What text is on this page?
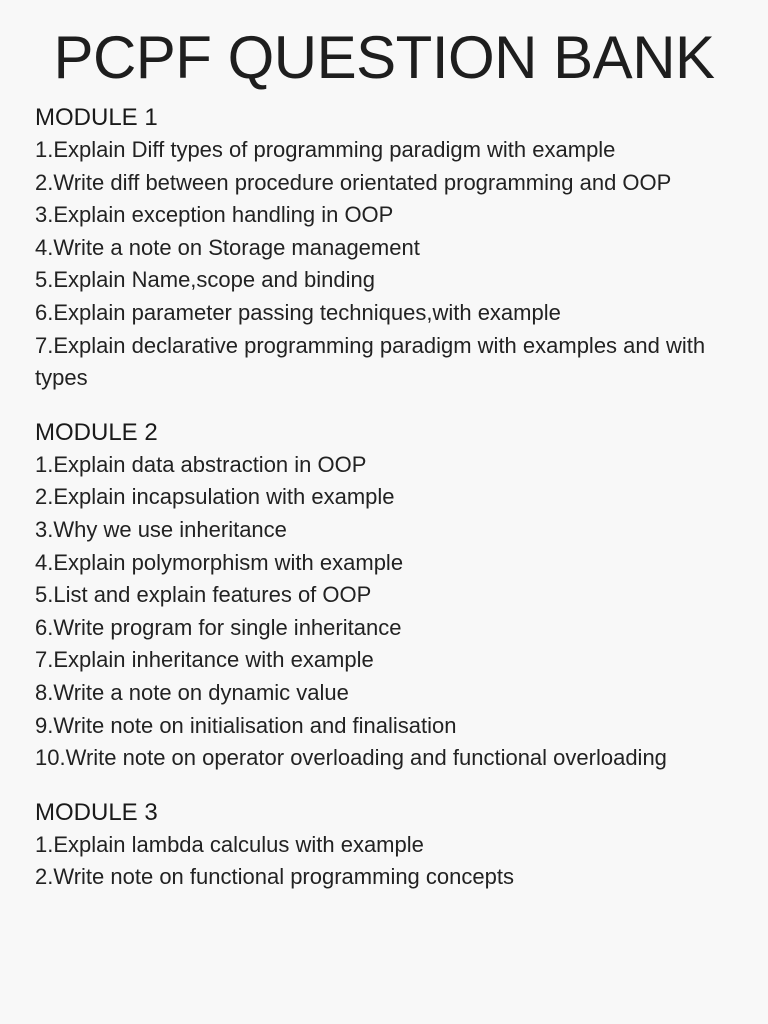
PCPF QUESTION BANK
MODULE 1
1.Explain Diff types of programming paradigm with example
2.Write diff between procedure orientated programming and OOP
3.Explain exception handling in OOP
4.Write a note on Storage management
5.Explain Name,scope and binding
6.Explain parameter passing techniques,with example
7.Explain declarative programming paradigm with examples and with types
MODULE 2
1.Explain data abstraction in OOP
2.Explain incapsulation with example
3.Why we use inheritance
4.Explain polymorphism with example
5.List and explain features of OOP
6.Write program for single inheritance
7.Explain inheritance with example
8.Write a note on dynamic value
9.Write note on initialisation and finalisation
10.Write note on operator overloading and functional overloading
MODULE 3
1.Explain lambda calculus with example
2.Write note on functional programming concepts
